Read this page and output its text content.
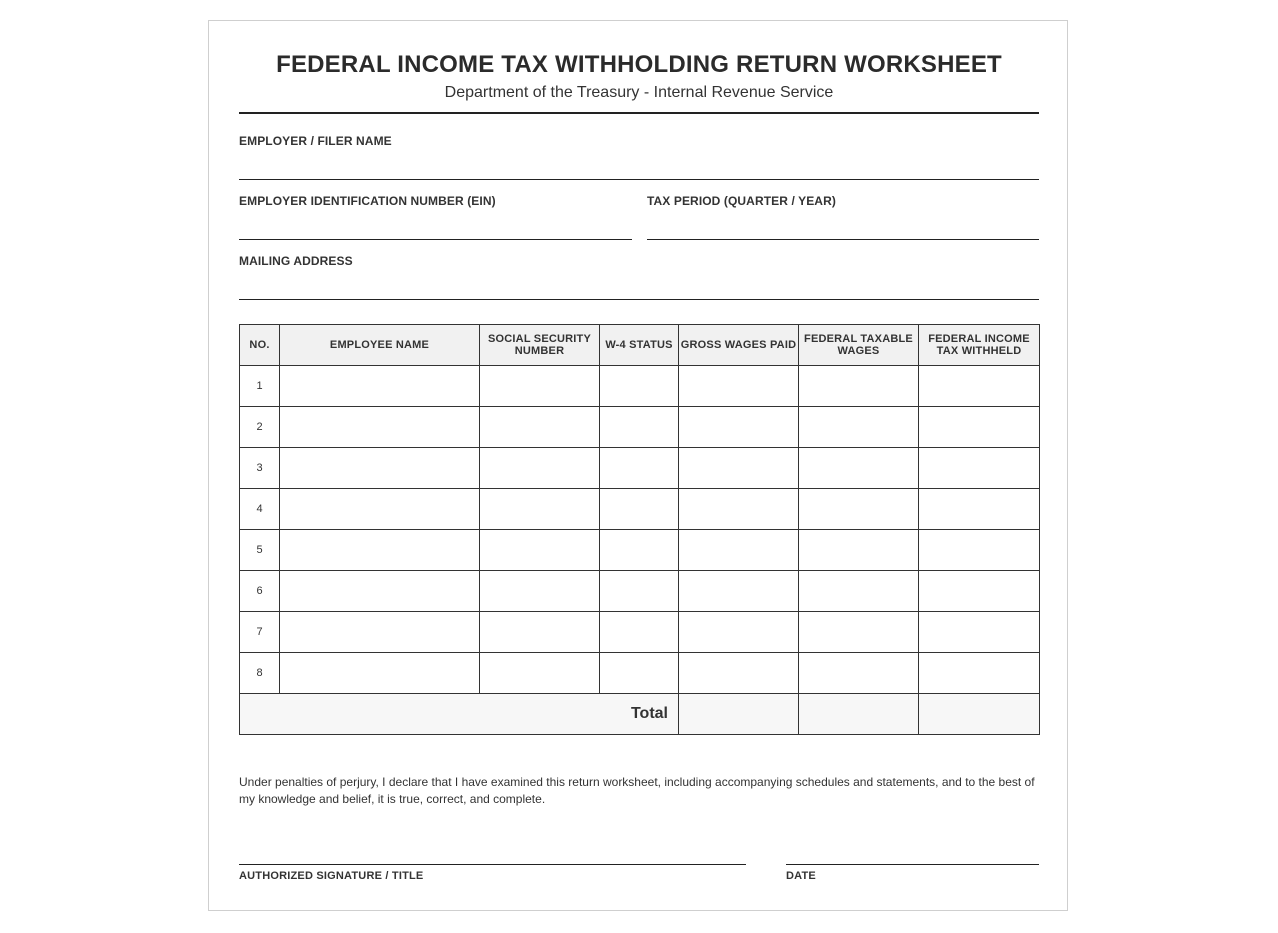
FEDERAL INCOME TAX WITHHOLDING RETURN WORKSHEET
Department of the Treasury - Internal Revenue Service
EMPLOYER / FILER NAME
EMPLOYER IDENTIFICATION NUMBER (EIN)	TAX PERIOD (QUARTER / YEAR)
MAILING ADDRESS
NO.	EMPLOYEE NAME	SOCIAL SECURITY NUMBER	W-4 STATUS	GROSS WAGES PAID	FEDERAL TAXABLE WAGES	FEDERAL INCOME TAX WITHHELD
1						
2						
3						
4						
5						
6						
7						
8						
Total						
Under penalties of perjury, I declare that I have examined this return worksheet, including accompanying schedules and statements, and to the best of my knowledge and belief, it is true, correct, and complete.
AUTHORIZED SIGNATURE / TITLE	DATE
